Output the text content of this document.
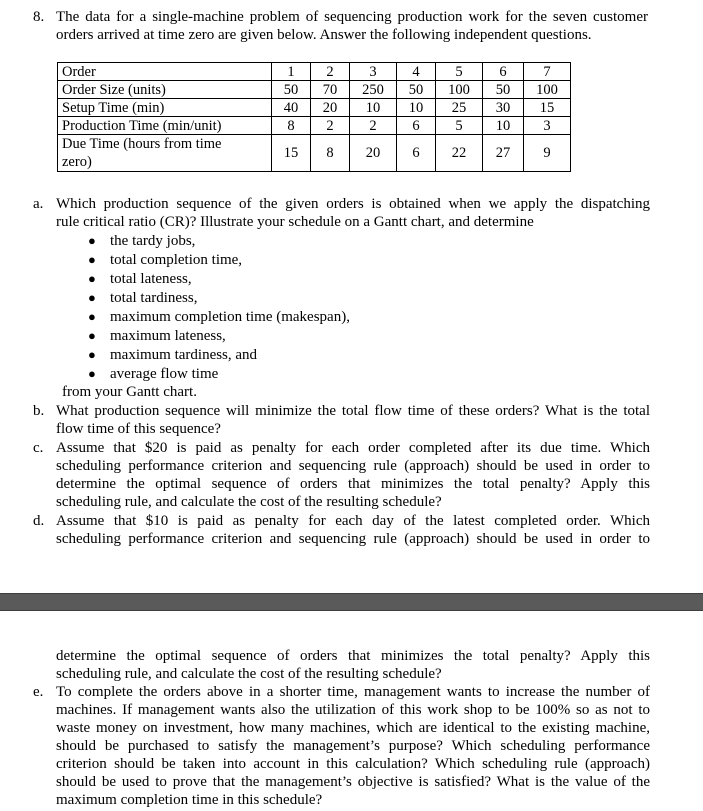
8. The data for a single-machine problem of sequencing production work for the seven customer
orders arrived at time zero are given below. Answer the following independent questions.
Order	1	2	3	4	5	6	7
Order Size (units)	50	70	250	50	100	50	100
Setup Time (min)	40	20	10	10	25	30	15
Production Time (min/unit)	8	2	2	6	5	10	3
Due Time (hours from time
zero)	15	8	20	6	22	27	9
a. Which production sequence of the given orders is obtained when we apply the dispatching
rule critical ratio (CR)? Illustrate your schedule on a Gantt chart, and determine
● the tardy jobs,
● total completion time,
● total lateness,
● total tardiness,
● maximum completion time (makespan),
● maximum lateness,
● maximum tardiness, and
● average flow time
from your Gantt chart.
b. What production sequence will minimize the total flow time of these orders? What is the total
flow time of this sequence?
c. Assume that $20 is paid as penalty for each order completed after its due time. Which
scheduling performance criterion and sequencing rule (approach) should be used in order to
determine the optimal sequence of orders that minimizes the total penalty? Apply this
scheduling rule, and calculate the cost of the resulting schedule?
d. Assume that $10 is paid as penalty for each day of the latest completed order. Which
scheduling performance criterion and sequencing rule (approach) should be used in order to
determine the optimal sequence of orders that minimizes the total penalty? Apply this
scheduling rule, and calculate the cost of the resulting schedule?
e. To complete the orders above in a shorter time, management wants to increase the number of
machines. If management wants also the utilization of this work shop to be 100% so as not to
waste money on investment, how many machines, which are identical to the existing machine,
should be purchased to satisfy the management’s purpose? Which scheduling performance
criterion should be taken into account in this calculation? Which scheduling rule (approach)
should be used to prove that the management’s objective is satisfied? What is the value of the
maximum completion time in this schedule?
